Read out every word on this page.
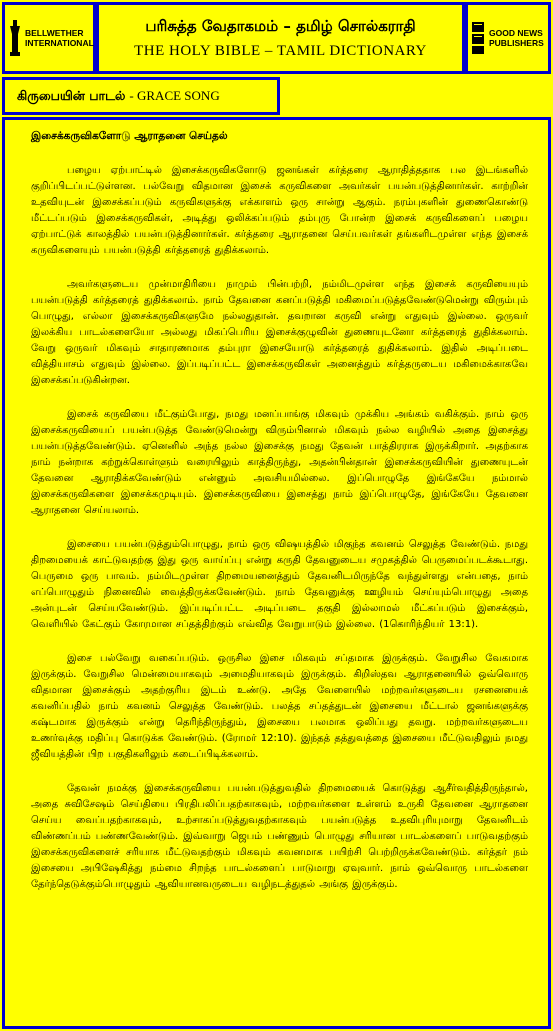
BELLWETHER INTERNATIONAL
பரிசுத்த வேதாகமம் – தமிழ் சொல்கராதி
THE HOLY BIBLE – TAMIL DICTIONARY
GOOD NEWS PUBLISHERS
கிருபையின் பாடல் - GRACE SONG
இசைக்கருவிகளோடு ஆராதனை செய்தல்

பழைய ஏற்பாட்டில் இசைக்கருவிகளோடு ஜனங்கள் கர்த்தரை ஆராதித்ததாக பல இடங்களில் குறிப்பிடப்பட்டுள்ளன. பல்வேறு விதமான இசைக் கருவிகளை அவர்கள் பயன்படுத்தினார்கள். காற்றின் உதவியுடன் இசைக்கப்படும் கருவிகளுக்கு எக்காளம் ஒரு சான்று ஆகும். நரம்புகளின் துணைகொண்டு மீட்டப்படும் இசைக்கருவிகள், அடித்து ஒலிக்கப்படும் தம்புரு போன்ற இசைக் கருவிகளைப் பழைய ஏற்பாட்டுக் காலத்தில் பயன்படுத்தினார்கள். கர்த்தரை ஆராதனை செய்பவர்கள் தங்களிடமுள்ள எந்த இசைக் கருவிகளையும் பயன்படுத்தி கர்த்தரைத் துதிக்கலாம்.

அவர்களுடைய முன்மாதிரியை நாமும் பின்பற்றி, நம்மிடமுள்ள எந்த இசைக் கருவியையும் பயன்படுத்தி கர்த்தரைத் துதிக்கலாம். நாம் தேவனை கனப்படுத்தி மகிமைப்படுத்தவேண்டுமென்று விரும்பும் பொழுது, எல்லா இசைக்கருவிகளுமே நல்லதுதான். தவறான கருவி என்று எதுவும் இல்லை. ஒருவர் இலக்கிய பாடல்களையோ அல்லது மிகப்பெரிய இசைக்குழுவின் துணையுடனோ கர்த்தரைத் துதிக்கலாம். வேறு ஒருவர் மிகவும் சாதாரணமாக தம்புரா இசையோடு கர்த்தரைத் துதிக்கலாம். இதில் அடிப்படை வித்தியாசம் எதுவும் இல்லை. இப்படிப்பட்ட இசைக்கருவிகள் அனைத்தும் கர்த்தருடைய மகிமைக்காகவே இசைக்கப்படுகின்றன.

இசைக் கருவியை மீட்கும்போது, நமது மனப்பாங்கு மிகவும் முக்கிய அங்கம் வகிக்கும். நாம் ஒரு இசைக்கருவியைப் பயன்படுத்த வேண்டுமென்று விரும்பினால் மிகவும் நல்ல வழியில் அதை இசைத்து பயன்படுத்தவேண்டும். ஏனெனில் அந்த நல்ல இசைக்கு நமது தேவன் பாத்திரராக இருக்கிறார். அதற்காக நாம் நன்றாக கற்றுக்கொள்ளும் வரையிலும் காத்திருந்து, அதன்பின்தான் இசைக்கருவியின் துணையுடன் தேவனை ஆராதிக்கவேண்டும் என்னும் அவசியமில்லை. இப்பொழுதே இங்கேயே நம்மால் இசைக்கருவிகளை இசைக்கமுடியும். இசைக்கருவியை இசைத்து நாம் இப்பொழுதே, இங்கேயே தேவனை ஆராதனை செய்யலாம்.

இசையை பயன்படுத்தும்பொழுது, நாம் ஒரு விஷயத்தில் மிகுந்த கவனம் செலுத்த வேண்டும். நமது திறமையைக் காட்டுவதற்கு இது ஒரு வாய்ப்பு என்று கருதி தேவனுடைய சமுகத்தில் பெருமைப்படக்கூடாது. பெருமை ஒரு பாவம். நம்மிடமுள்ள திறமையனைத்தும் தேவனிடமிருந்தே வந்துள்ளது என்பதை, நாம் எப்பொழுதும் நினைவில் வைத்திருக்கவேண்டும். நாம் தேவனுக்கு ஊழியம் செய்யும்பொழுது அதை அன்புடன் செய்யவேண்டும். இப்படிப்பட்ட அடிப்படை தகுதி இல்லாமல் மீட்கப்படும் இசைக்கும், வெளியில் கேட்கும் கோரமான சப்தத்திற்கும் எவ்வித வேறுபாடும் இல்லை. (1கொரிந்தியர் 13:1).

இசை பல்வேறு வகைப்படும். ஒருசில இசை மிகவும் சப்தமாக இருக்கும். வேறுசில வேகமாக இருக்கும். வேறுசில மென்மையாகவும் அமைதியாகவும் இருக்கும். கிறிஸ்தவ ஆராதனையில் ஒவ்வொரு விதமான இசைக்கும் அதற்குரிய இடம் உண்டு. அதே வேளையில் மற்றவர்களுடைய ரசனையைக் கவனிப்பதில் நாம் கவனம் செலுத்த வேண்டும். பலத்த சப்தத்துடன் இசையை மீட்டால் ஜனங்களுக்கு கஷ்டமாக இருக்கும் என்று தெரிந்திருந்தும், இசையை பலமாக ஒலிப்பது தவறு. மற்றவர்களுடைய உணர்வுக்கு மதிப்பு கொடுக்க வேண்டும். (ரோமர் 12:10). இந்தத் தத்துவத்தை இசையை மீட்டுவதிலும் நமது ஜீவியத்தின் பிற பகுதிகளிலும் கடைப்பிடிக்கலாம்.

தேவன் நமக்கு இசைக்கருவியை பயன்படுத்துவதில் திறமையைக் கொடுத்து ஆசீர்வதித்திருந்தால், அதை சுவிசேஷம் செய்தியை பிரதிபலிப்பதற்காகவும், மற்றவர்களை உள்ளம் உருகி தேவனை ஆராதனை செய்ய வைப்பதற்காகவும், உற்சாகப்படுத்துவதற்காகவும் பயன்படுத்த உதவிபுரியுமாறு தேவனிடம் விண்ணப்பம் பண்ணவேண்டும். இவ்வாறு ஜெபம் பண்ணும் பொழுது சரியான பாடல்களைப் பாடுவதற்கும் இசைக்கருவிகளைச் சரியாக மீட்டுவதற்கும் மிகவும் கவனமாக பயிற்சி பெற்றிருக்கவேண்டும். கர்த்தர் நம் இசையை அபிஷேகித்து நம்மை சிறந்த பாடல்களைப் பாடுமாறு ஏவுவார். நாம் ஒவ்வொரு பாடல்களை தேர்ந்தெடுக்கும்பொழுதும் ஆவியானவருடைய வழிநடத்துதல் அங்கு இருக்கும்.
